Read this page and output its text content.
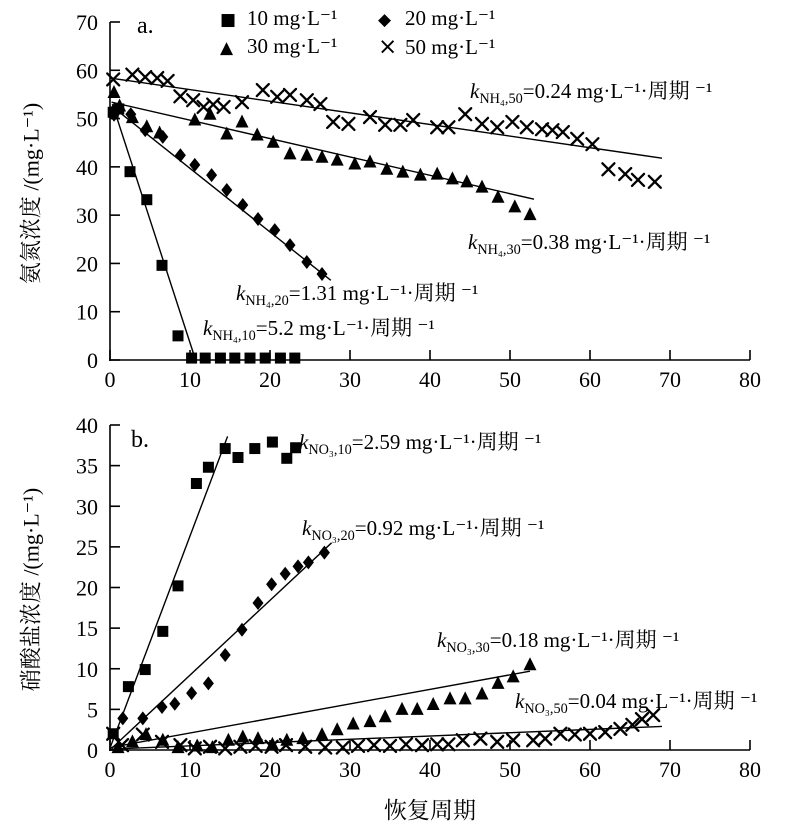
0	10	20	30	40	50	60	70	80
0
10
20
30
40
50
60
70
0	10	20	30	40	50	60	70	80
0
5
10
15
20
25
30
35
40
■ 10 mg·L⁻¹ ◆ 20 mg·L⁻¹
▲ 30 mg·L⁻¹ × 50 mg·L⁻¹
a.
b.
氨氮浓度 /(mg·L⁻¹)
硝酸盐浓度 /(mg·L⁻¹)
恢复周期
$k_{NH_4,50}=0.24$ mg·L⁻¹·周期 ⁻¹
$k_{NH_4,30}=0.38$ mg·L⁻¹·周期 ⁻¹
$k_{NH_4,20}=1.31$ mg·L⁻¹·周期 ⁻¹
$k_{NH_4,10}=5.2$ mg·L⁻¹·周期 ⁻¹
$k_{NO_3,10}=2.59$ mg·L⁻¹·周期 ⁻¹
$k_{NO_3,20}=0.92$ mg·L⁻¹·周期 ⁻¹
$k_{NO_3,30}=0.18$ mg·L⁻¹·周期 ⁻¹
$k_{NO_3,50}=0.04$ mg·L⁻¹·周期 ⁻¹
